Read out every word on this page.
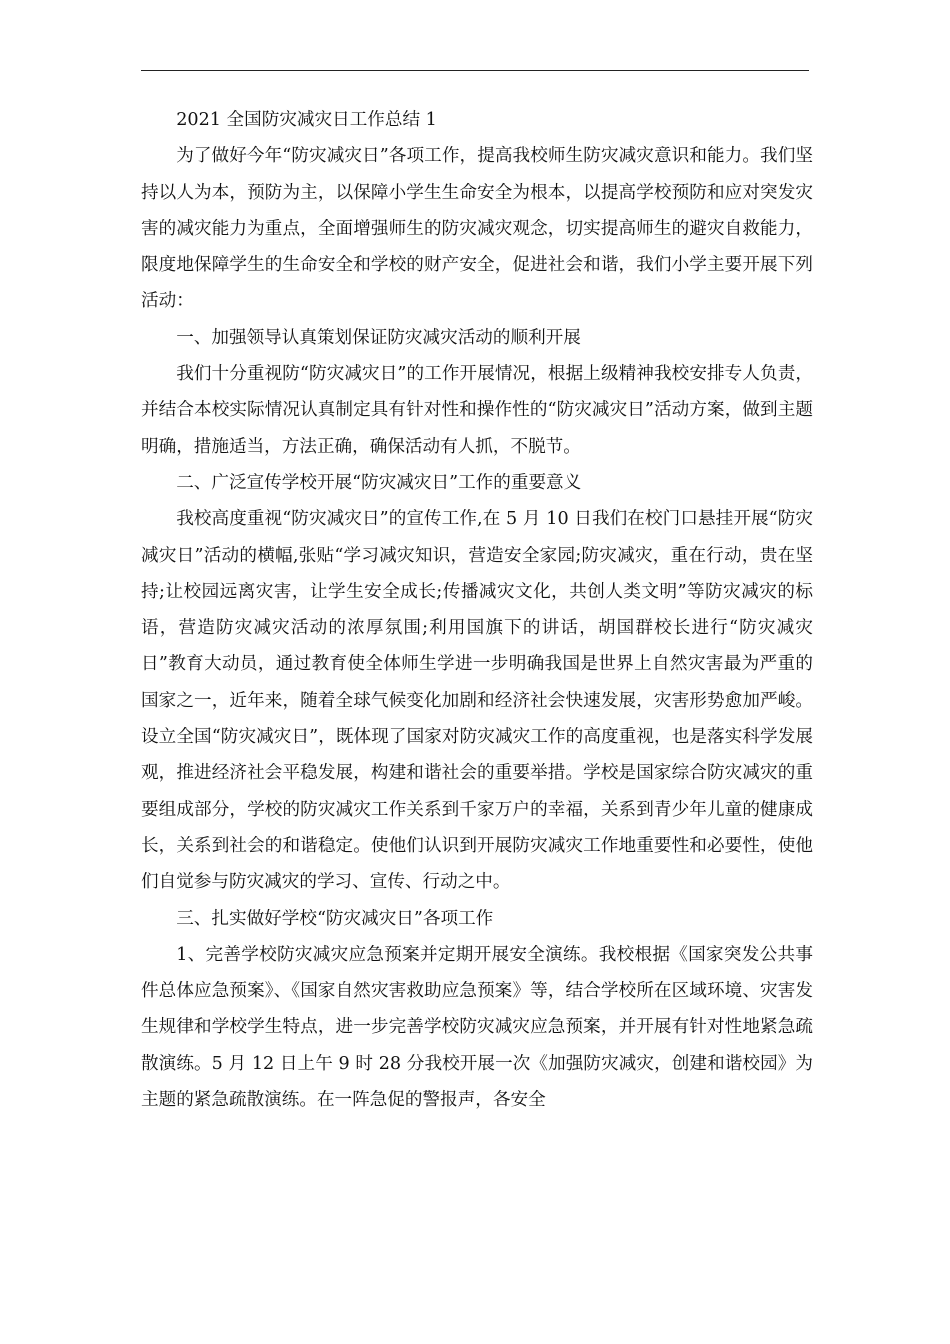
2021 全国防灾减灾日工作总结 1

为了做好今年“防灾减灾日”各项工作，提高我校师生防灾减灾意识和能力。我们坚持以人为本，预防为主，以保障小学生生命安全为根本，以提高学校预防和应对突发灾害的减灾能力为重点，全面增强师生的防灾减灾观念，切实提高师生的避灾自救能力，限度地保障学生的生命安全和学校的财产安全，促进社会和谐，我们小学主要开展下列活动：

一、加强领导认真策划保证防灾减灾活动的顺利开展

我们十分重视防“防灾减灾日”的工作开展情况，根据上级精神我校安排专人负责，并结合本校实际情况认真制定具有针对性和操作性的“防灾减灾日”活动方案，做到主题明确，措施适当，方法正确，确保活动有人抓，不脱节。

二、广泛宣传学校开展“防灾减灾日”工作的重要意义

我校高度重视“防灾减灾日”的宣传工作,在 5 月 10 日我们在校门口悬挂开展“防灾减灾日”活动的横幅,张贴“学习减灾知识，营造安全家园;防灾减灾，重在行动，贵在坚持;让校园远离灾害，让学生安全成长;传播减灾文化，共创人类文明”等防灾减灾的标语，营造防灾减灾活动的浓厚氛围;利用国旗下的讲话，胡国群校长进行“防灾减灾日”教育大动员，通过教育使全体师生学进一步明确我国是世界上自然灾害最为严重的国家之一，近年来，随着全球气候变化加剧和经济社会快速发展，灾害形势愈加严峻。设立全国“防灾减灾日”，既体现了国家对防灾减灾工作的高度重视，也是落实科学发展观，推进经济社会平稳发展，构建和谐社会的重要举措。学校是国家综合防灾减灾的重要组成部分，学校的防灾减灾工作关系到千家万户的幸福，关系到青少年儿童的健康成长，关系到社会的和谐稳定。使他们认识到开展防灾减灾工作地重要性和必要性，使他们自觉参与防灾减灾的学习、宣传、行动之中。

三、扎实做好学校“防灾减灾日”各项工作

1、完善学校防灾减灾应急预案并定期开展安全演练。我校根据《国家突发公共事件总体应急预案》、《国家自然灾害救助应急预案》等，结合学校所在区域环境、灾害发生规律和学校学生特点，进一步完善学校防灾减灾应急预案，并开展有针对性地紧急疏散演练。5 月 12 日上午 9 时 28 分我校开展一次《加强防灾减灾，创建和谐校园》为主题的紧急疏散演练。在一阵急促的警报声，各安全
